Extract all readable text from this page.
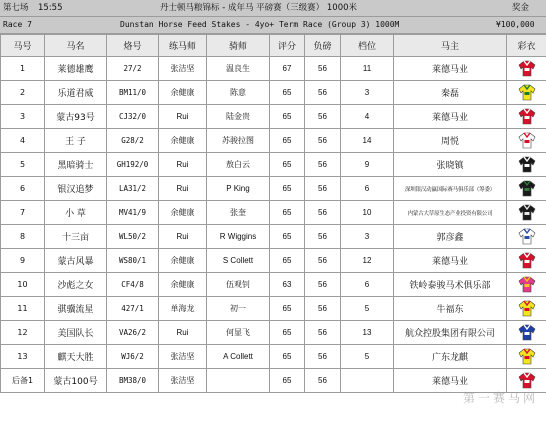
第七场 15:55	丹士顿马粮锦标 - 成年马 平磅赛（三级赛） 1000米	奖金
Race 7	Dunstan Horse Feed Stakes - 4yo+ Term Race (Group 3) 1000M	¥100,000
马号	马名	烙号	练马师	骑师	评分	负磅	档位	马主	彩衣
1	莱德雄鹰	27/2	张洁坚	温良生	67	56	11	莱德马业	
2	乐道君威	BM11/0	余健康	陈意	65	56	3	秦磊	
3	蒙古93号	CJ32/0	Rui	陆金贵	65	56	4	莱德马业	
4	王 子	G28/2	余健康	苏骏拉图	65	56	14	周悦	
5	黑暗骑士	GH192/0	Rui	敖白云	65	56	9	张晓镇	
6	银汉追梦	LA31/2	Rui	P King	65	56	6	深圳银汉动赢国际赛马俱乐部（筹委）	
7	小 草	MV41/9	余健康	张奎	65	56	10	内蒙古大草原生态产业投资有限公司	
8	十三亩	WL50/2	Rui	R Wiggins	65	56	3	郭彦鑫	
9	蒙古风暴	WS80/1	余健康	S Collett	65	56	12	莱德马业	
10	沙彪之女	CF4/8	余健康	伍观钊	63	56	6	铁岭泰骏马术俱乐部	
11	骐骥流星	427/1	单海龙	初一	65	56	5	牛福东	
12	美国队长	VA26/2	Rui	何显飞	65	56	13	航众控股集团有限公司	
13	麒天大胜	WJ6/2	张洁坚	A Collett	65	56	5	广东龙麒	
后备1	蒙古100号	BM38/0	张洁坚		65	56		莱德马业	
第一赛马网
